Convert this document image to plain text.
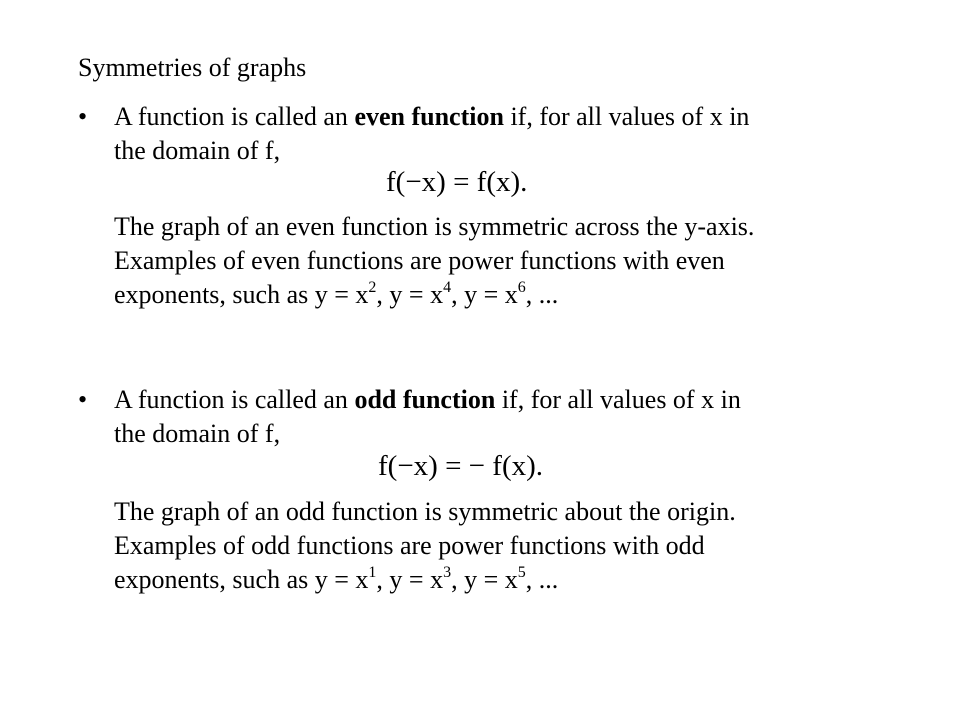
Symmetries of graphs
• A function is called an even function if, for all values of x in
the domain of f,
f(−x) = f(x).
The graph of an even function is symmetric across the y-axis.
Examples of even functions are power functions with even
exponents, such as $y = x^2$, $y = x^4$, $y = x^6$, ...
• A function is called an odd function if, for all values of x in
the domain of f,
f(−x) = − f(x).
The graph of an odd function is symmetric about the origin.
Examples of odd functions are power functions with odd
exponents, such as $y = x^1$, $y = x^3$, $y = x^5$, ...
